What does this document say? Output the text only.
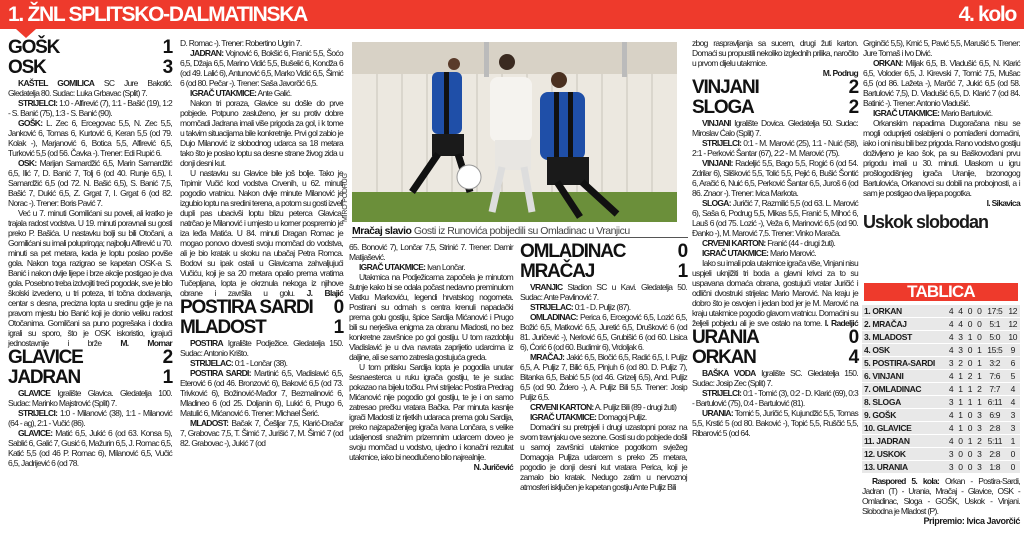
1. ŽNL SPLITSKO-DALMATINSKA	4. kolo
GOŠK	1
OSK	3
KAŠTEL GOMILICA SC Jure Bakotić. Gledatelja 80. Sudac: Luka Grbavac (Split) 7.
STRIJELCI: 1:0 - Alfirević (7), 1:1 - Bašić (19), 1:2 - S. Banić (75), 1:3 - S. Banić (90).
GOŠK: L. Zec 6, Ercegovac 5,5, N. Zec 5,5, Janković 6, Tomas 6, Kurtović 6, Keran 5,5 (od 79. Kolak -), Marjanović 6, Botica 5,5, Alfirević 6,5, Turković 5,5 (od 56. Čavka -). Trener: Edi Rupić 6.
OSK: Marijan Samardžić 6,5, Marin Samardžić 6,5, Ilić 7, D. Banić 7, Tolj 6 (od 40. Runje 6,5), I. Samardžić 6,5 (od 72. N. Bašić 6,5), S. Banić 7,5, Bašić 7, Dukić 6,5, Z. Grgat 7, I. Grgat 6 (od 82. Norac -). Trener: Boris Pavić 7.
Već u 7. minuti Gomilićani su poveli, ali kratko je trajala radost vodstva. U 19. minuti poravnali su gosti preko P. Bašića. U nastavku bolji su bili Otočani, a Gomilićani su imali polupriгода; najbolju Alfirević u 70. minuti sa pet metara, kada je loptu poslao poviše gola. Nakon toga razigrao se kapetan OSK-a S. Banić i nakon dvije lijepe i brze akcije postigao je dva gola. Posebno treba izdvojiti treći pogodak, sve je bilo školski izvedeno, u tri poteza, tri točna dodavanja, centar s desna, precizna lopta u sredinu gdje je na pravom mjestu bio Banić koji je donio veliku radost Otočanima. Gomilčani sa puno pogrešaka i dodira igrali su sporo, što je OSK iskoristio, igrajući jednostavnije i brže M. Mornar
GLAVICE	2
JADRAN	1
GLAVICE Igralište Glavica. Gledatelja 100. Sudac: Marinko Majstrović (Split) 7.
STRIJELCI: 1:0 - Milanović (38), 1:1 - Milanović (64 - ag), 2:1 - Vučić (86).
GLAVICE: Matić 6,5, Jukić 6 (od 63. Konsa 5), Sablić 6, Galić 7, Gusić 6, Mažurin 6,5, J. Romac 6,5, Katić 5,5 (od 46 P. Romac 6), Milanović 6,5, Vučić 6,5, Jadrijević 6 (od 78.
D. Romac -). Trener: Robertino Ugrin 7.
JADRAN: Vojnović 6, Bokšić 6, Franić 5,5, Šoćo 6,5, Džaja 6,5, Marino Vidić 5,5, Bušelić 6, Kondža 6 (od 49. Lalić 6), Antunović 6,5, Marko Vidić 6,5, Šimić 6 (od 80. Pečar -). Trener: Saša Javorčić 6,5.
IGRAČ UTAKMICE: Ante Galić.
Nakon tri poraza, Glavice su došle do prve pobjede. Potpuno zasluženo, jer su protiv dobre momčadi Jadrana imali više prigoda za gol, i k tome u takvim situacijama bile konkretnije. Prvi gol zabio je Dujo Milanović iz slobodnog udarca sa 18 metara tako što je poslao loptu sa desne strane živog zida u donji desni kut.
U nastavku su Glavice bile još bolje. Tako je Trpimir Vučić kod vodstva Crvenih, u 62. minuti pogodio vratnicu. Nakon dvije minute Milanović je izgubio loptu na sredini terena, a potom su gosti izveli dupli pas ubacivši loptu blizu peterca Glavica, natrčao je Milanović i umjesto u korner pospremio je iza leđa Matića. U 84. minuti Dragan Romac je mogao ponovo dovesti svoju momčad do vodstva, ali je bio kratak u skoku na ubačaj Petra Romca. Bodovi su ipak ostali u Glavicama zahvaljujući Vučiću, koji je sa 20 metara opalio prema vratima Tučepljana, lopta je okrznula nekoga iz njihove obrane i završila u golu. J. Blajić
POSTIRA SARDI 0
MLADOST	1
POSTIRA Igralište Podježice. Gledatelja 150. Sudac: Antonio Krišto.
STRIJELAC: 0:1 - Lončar (38).
POSTIRA SARDI: Martinić 6,5, Vladislavić 6,5, Eterović 6 (od 46. Bronzović 6), Baković 6,5 (od 73. Trivković 6), Božinović-Mađor 7, Bezmalinović 6, Mladineo 6 (od 25. Doljanin 6), Lukić 6, Prugo 6, Matulić 6, Mićanović 6. Trener: Michael Šerić.
MLADOST: Bačak 7, Češljar 7,5, Klarić-Dračar 7, Grabovac 7,5, T. Šimić 7, Jurišić 7, M. Šimić 7 (od 82. Grabovac -), Jukić 7 (od
MIRO PODRUG
Mračaj slavio Gosti iz Runovića pobijedili su Omladinac u Vranjicu
65. Bonović 7), Lončar 7,5, Strinić 7. Trener: Damir Matijašević.
IGRAČ UTAKMICE: Ivan Lončar.
Utakmica na Podježicama započela je minutom šutnje kako bi se odala počast nedavno preminulom Vlatku Markoviću, legendi hrvatskog nogometa. Postirani su odmah s centra krenuli napadački prema golu gostiju, špice Sardija Mićanović i Prugo bili su nerješiva enigma za obranu Mladosti, no bez konkretne završnice po gol gostiju. U tom razdoblju Vladislavić je u dva navrata zaprijetio udarcima iz daljine, ali se samo zatresla gostujuća greda.
U tom pritisku Sardija lopta je pogodila unutar šesnaesterca u ruku igrača gostiju, te je sudac pokazao na bijelu točku. Prvi strijelac Postira Predrag Mićanović nije pogodio gol gostiju, te je i on samo zatresao prečku vratara Bačka. Par minuta kasnije igrači Mladosti iz rijetkih udaraca prema golu Sardija, preko najzapaženijeg igrača Ivana Lončara, s velike udaljenosti snažnim prizemnim udarcem doveo je svoju momčad u vodstvo, ujedno i konačni rezultat utakmice, iako bi neodlučeno bilo najrealnije.
N. Juričević
OMLADINAC	0
MRAČAJ	1
VRANJIC Stadion SC u Kavi. Gledatelja 50. Sudac: Ante Pavlinović 7.
STRIJELAC: 0:1 - D. Puljiz (87).
OMLADINAC: Perica 6, Ercegović 6,5, Lozić 6,5, Božić 6,5, Matković 6,5, Juretić 6,5, Drušković 6 (od 81. Juričević -), Nerlović 6,5, Grubišić 6 (od 60. Lisica 6), Ćorić 6 (od 60. Budimir 6), Vrdoljak 6.
MRAČAJ: Jakić 6,5, Biočić 6,5, Radić 6,5, I. Puljiz 6,5, A. Puljiz 7, Bilić 6,5, Pinjuh 6 (od 80. D. Puljiz 7), Bitanka 6,5, Babić 5,5 (od 46. Grizelj 6,5), And. Puljiz 6,5 (od 90. Ždero -), A. Puljiz Bili 5,5. Trener: Josip Puljiz 6,5.
CRVENI KARTON: A. Puljiz Bili (89 - drugi žuti)
IGRAČ UTAKMICE: Domagoj Puljiz.
Domaćini su pretrpjeli i drugi uzastopni poraz na svom travnjaku ove sezone. Gosti su do pobjede došli u samoj završnici utakmice pogotkom svježeg Domagoja Puljiza udarcem s preko 25 metara, pogodio je donji desni kut vratara Perica, koji je zamalo bio kratak. Nedugo zatim u nervoznoj atmosferi isključen je kapetan gostiju Ante Puljiz Bili
zbog raspravljanja sa sucem, drugi žuti karton. Domaći su propustili nekoliko izglednih prilika, naročito u prvom dijelu utakmice.
M. Podrug
VINJANI	2
SLOGA	2
VINJANI Igralište Dovica. Gledatelja 50. Sudac: Miroslav Ćalo (Split) 7.
STRIJELCI: 0:1 - M. Marović (25), 1:1 - Nuić (58), 2:1 - Perković Šantar (67), 2:2 - M. Marović (75).
VINJANI: Radeljić 5,5, Bago 5,5, Rogić 6 (od 54. Zdrilar 6), Slišković 5,5, Tolić 5,5, Pejić 6, Bušić Šontić 6, Aračić 6, Nuić 6,5, Perković Šantar 6,5, Juroš 6 (od 86. Znaor -). Trener: Ivica Markota.
SLOGA: Juričić 7, Razmilić 5,5 (od 63. L. Marović 6), Saša 6, Podrug 5,5, Mikas 5,5, Franić 5, Mihoć 6, Lauš 6 (od 75. Lozić -), Veža 6, Marinović 6,5 (od 90. Đanko -), M. Marović 7,5. Trener: Vinko Marača.
CRVENI KARTON: Franić (44 - drugi žuti).
IGRAČ UTAKMICE: Mario Marović.
Iako su imali pola utakmice igrača više, Vinjani nisu uspjeli uknjižiti tri boda a glavni krivci za to su uspavana domaća obrana, gostujući vratar Juričić i odlični dvostruki strijelac Mario Marović. Na kraju je dobro što je osvojen i jedan bod jer je M. Marović na kraju utakmice pogodio glavom vratnicu. Domaćini su željeli pobjedu ali je sve ostalo na tome. I. Radeljić
URANIA	0
ORKAN	4
BAŠKA VODA Igralište SC. Gledatelja 150. Sudac: Josip Zec (Split) 7.
STRIJELCI: 0:1 - Tomić (3), 0:2 - D. Klarić (69), 0:3 - Bartulović (75), 0:4 - Bartulović (81).
URANIA: Tomić 5, Juričić 5, Kujundžić 5,5, Tomas 5,5, Krstić 5 (od 80. Baković -), Topić 5,5, Ruščić 5,5, Ribarović 5 (od 64.
Grginčić 5,5), Krnić 5, Pavić 5,5, Marušić 5. Trener: Jure Tomaš i Ivo Divić.
ORKAN: Miljak 6,5, B. Vladušić 6,5, N. Klarić 6,5, Voloder 6,5, J. Kirevski 7, Tomić 7,5, Mušac 6,5 (od 86. Lažeta -), Marčić 7, Jukić 6,5 (od 58. Bartulović 7,5), D. Vladušić 6,5, D. Klarić 7 (od 84. Batinić -). Trener: Antonio Vladušić.
IGRAČ UTAKMICE: Mario Bartulović.
Orkanskim napadima Dugoračana nisu se mogli oduprijeti oslabljeni o pomlađeni domaćini, iako i oni nisu bili bez prigoda. Rano vodstvo gostiju doživljeno je kao šok, pa su Baškovođani prvu prigodu imali u 30. minuti. Ulaskom u igru prošlogodišnjeg igrača Uranije, brzonogog Bartulovića, Orkanovci su dobili na probojnosti, a i sam je postigao dva lijepa pogotka.
I. Sikavica
Uskok slobodan
TABLICA
1. ORKAN	4	4	0	0	17:5	12
2. MRAČAJ	4	4	0	0	5:1	12
3. MLADOST	4	3	1	0	5:0	10
4. OSK	4	3	0	1	15:5	9
5. POSTIRA-SARDI	3	2	0	1	3:2	6
6. VINJANI	4	1	2	1	7:6	5
7. OMLADINAC	4	1	1	2	7:7	4
8. SLOGA	3	1	1	1	6:11	4
9. GOŠK	4	1	0	3	6:9	3
10. GLAVICE	4	1	0	3	2:8	3
11. JADRAN	4	0	1	2	5:11	1
12. USKOK	3	0	0	3	2:8	0
13. URANIA	3	0	0	3	1:8	0
Raspored 5. kola: Orkan - Postira-Sardi, Jadran (T) - Urania, Mračaj - Glavice, OSK - Omladinac, Sloga - GOŠK, Uskok - Vinjani. Slobodna je Mladost (P).
Pripremio: Ivica Javorčić
